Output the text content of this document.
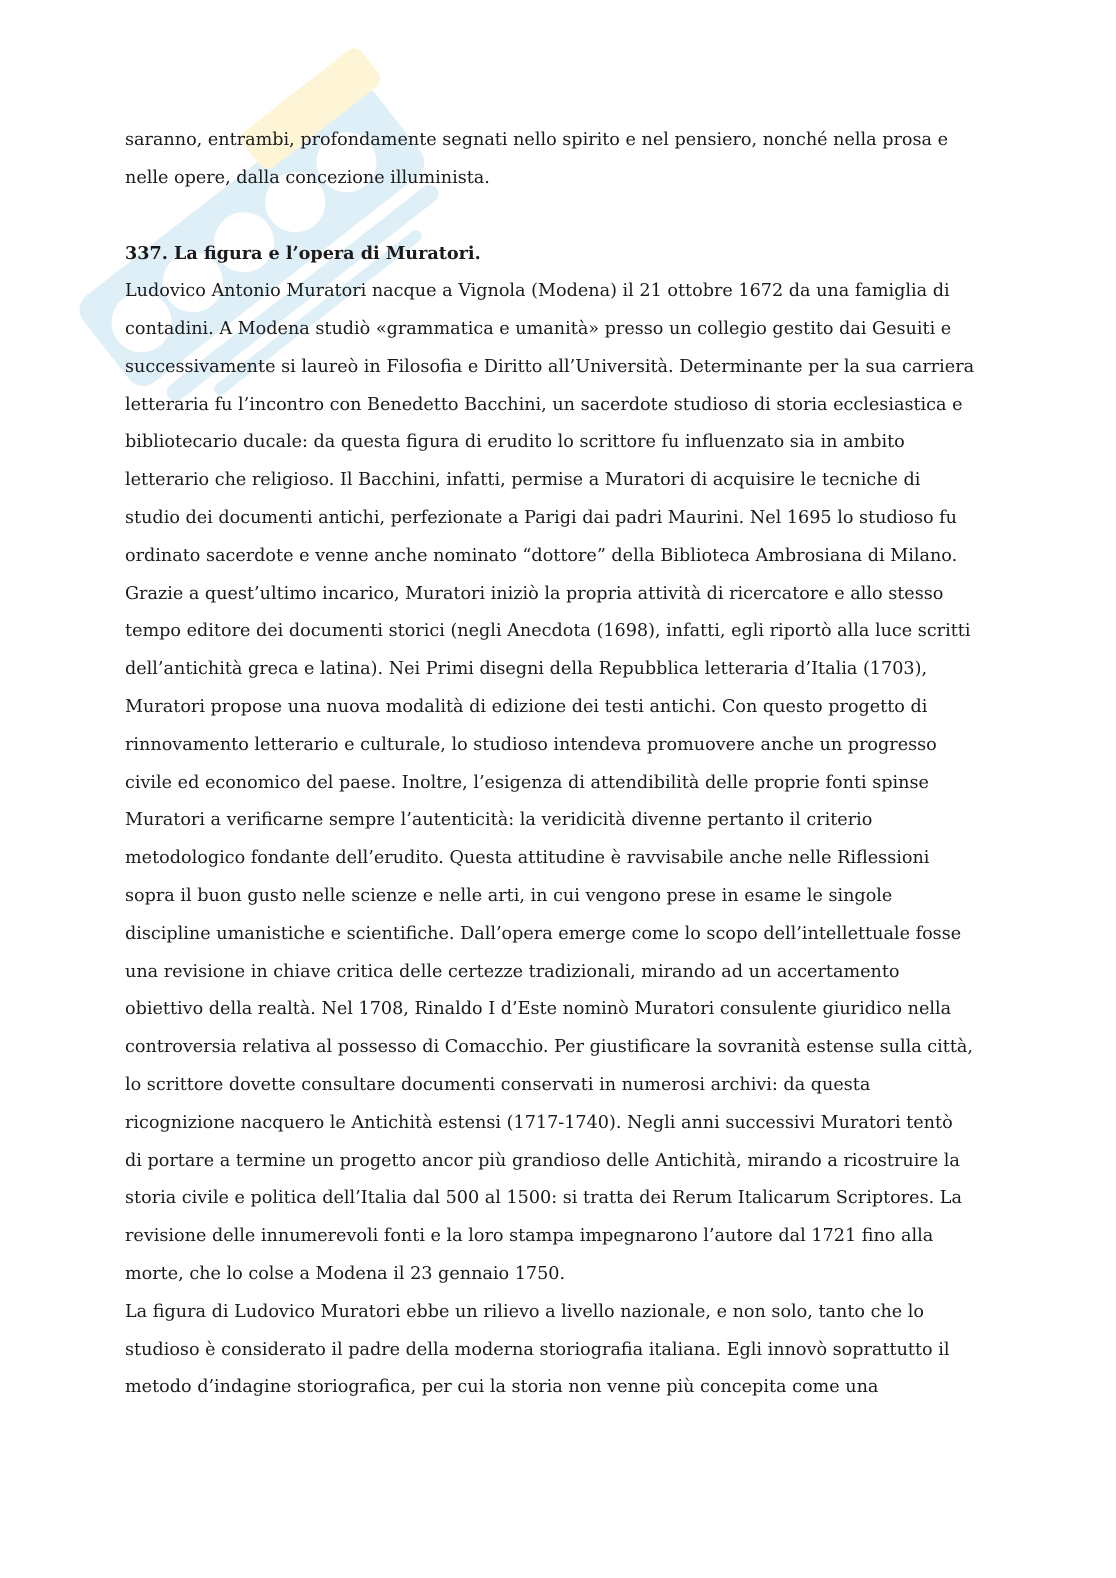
saranno, entrambi, profondamente segnati nello spirito e nel pensiero, nonché nella prosa e
nelle opere, dalla concezione illuminista.
337. La figura e l’opera di Muratori.
Ludovico Antonio Muratori nacque a Vignola (Modena) il 21 ottobre 1672 da una famiglia di
contadini. A Modena studiò «grammatica e umanità» presso un collegio gestito dai Gesuiti e
successivamente si laureò in Filosofia e Diritto all’Università. Determinante per la sua carriera
letteraria fu l’incontro con Benedetto Bacchini, un sacerdote studioso di storia ecclesiastica e
bibliotecario ducale: da questa figura di erudito lo scrittore fu influenzato sia in ambito
letterario che religioso. Il Bacchini, infatti, permise a Muratori di acquisire le tecniche di
studio dei documenti antichi, perfezionate a Parigi dai padri Maurini. Nel 1695 lo studioso fu
ordinato sacerdote e venne anche nominato “dottore” della Biblioteca Ambrosiana di Milano.
Grazie a quest’ultimo incarico, Muratori iniziò la propria attività di ricercatore e allo stesso
tempo editore dei documenti storici (negli Anecdota (1698), infatti, egli riportò alla luce scritti
dell’antichità greca e latina). Nei Primi disegni della Repubblica letteraria d’Italia (1703),
Muratori propose una nuova modalità di edizione dei testi antichi. Con questo progetto di
rinnovamento letterario e culturale, lo studioso intendeva promuovere anche un progresso
civile ed economico del paese. Inoltre, l’esigenza di attendibilità delle proprie fonti spinse
Muratori a verificarne sempre l’autenticità: la veridicità divenne pertanto il criterio
metodologico fondante dell’erudito. Questa attitudine è ravvisabile anche nelle Riflessioni
sopra il buon gusto nelle scienze e nelle arti, in cui vengono prese in esame le singole
discipline umanistiche e scientifiche. Dall’opera emerge come lo scopo dell’intellettuale fosse
una revisione in chiave critica delle certezze tradizionali, mirando ad un accertamento
obiettivo della realtà. Nel 1708, Rinaldo I d’Este nominò Muratori consulente giuridico nella
controversia relativa al possesso di Comacchio. Per giustificare la sovranità estense sulla città,
lo scrittore dovette consultare documenti conservati in numerosi archivi: da questa
ricognizione nacquero le Antichità estensi (1717-1740). Negli anni successivi Muratori tentò
di portare a termine un progetto ancor più grandioso delle Antichità, mirando a ricostruire la
storia civile e politica dell’Italia dal 500 al 1500: si tratta dei Rerum Italicarum Scriptores. La
revisione delle innumerevoli fonti e la loro stampa impegnarono l’autore dal 1721 fino alla
morte, che lo colse a Modena il 23 gennaio 1750.
La figura di Ludovico Muratori ebbe un rilievo a livello nazionale, e non solo, tanto che lo
studioso è considerato il padre della moderna storiografia italiana. Egli innovò soprattutto il
metodo d’indagine storiografica, per cui la storia non venne più concepita come una
